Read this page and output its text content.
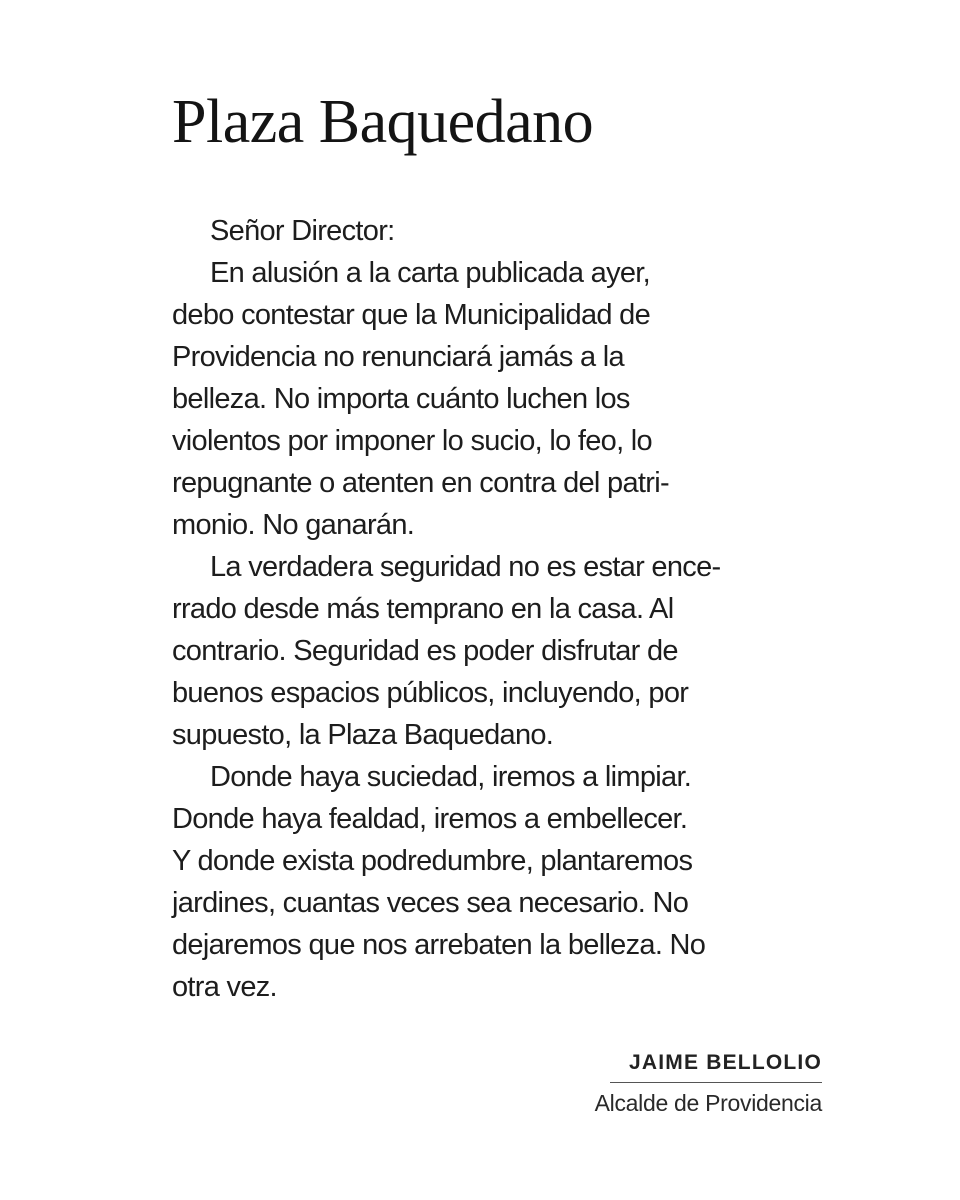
Plaza Baquedano
Señor Director:
En alusión a la carta publicada ayer,
debo contestar que la Municipalidad de
Providencia no renunciará jamás a la
belleza. No importa cuánto luchen los
violentos por imponer lo sucio, lo feo, lo
repugnante o atenten en contra del patri-
monio. No ganarán.
La verdadera seguridad no es estar ence-
rrado desde más temprano en la casa. Al
contrario. Seguridad es poder disfrutar de
buenos espacios públicos, incluyendo, por
supuesto, la Plaza Baquedano.
Donde haya suciedad, iremos a limpiar.
Donde haya fealdad, iremos a embellecer.
Y donde exista podredumbre, plantaremos
jardines, cuantas veces sea necesario. No
dejaremos que nos arrebaten la belleza. No
otra vez.
JAIME BELLOLIO
Alcalde de Providencia
